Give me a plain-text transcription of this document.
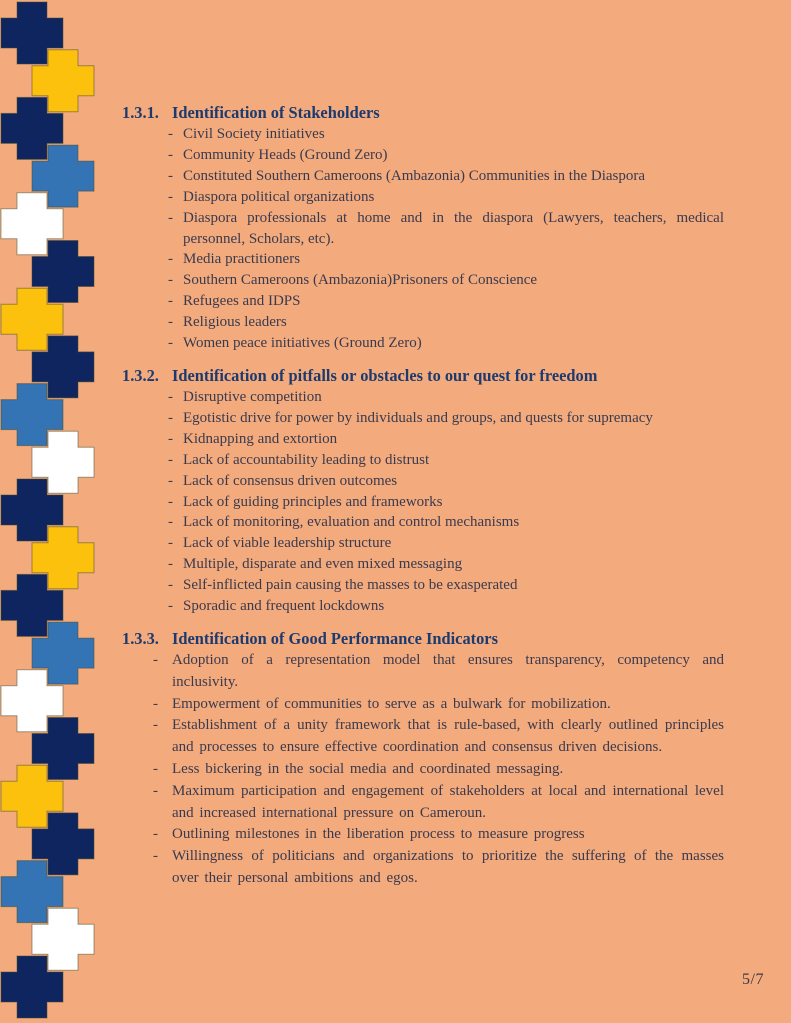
1.3.1. Identification of Stakeholders
- Civil Society initiatives
- Community Heads (Ground Zero)
- Constituted Southern Cameroons (Ambazonia) Communities in the Diaspora
- Diaspora political organizations
- Diaspora professionals at home and in the diaspora (Lawyers, teachers, medical personnel, Scholars, etc).
- Media practitioners
- Southern Cameroons (Ambazonia)Prisoners of Conscience
- Refugees and IDPS
- Religious leaders
- Women peace initiatives (Ground Zero)
1.3.2. Identification of pitfalls or obstacles to our quest for freedom
- Disruptive competition
- Egotistic drive for power by individuals and groups, and quests for supremacy
- Kidnapping and extortion
- Lack of accountability leading to distrust
- Lack of consensus driven outcomes
- Lack of guiding principles and frameworks
- Lack of monitoring, evaluation and control mechanisms
- Lack of viable leadership structure
- Multiple, disparate and even mixed messaging
- Self-inflicted pain causing the masses to be exasperated
- Sporadic and frequent lockdowns
1.3.3. Identification of Good Performance Indicators
- Adoption of a representation model that ensures transparency, competency and inclusivity.
- Empowerment of communities to serve as a bulwark for mobilization.
- Establishment of a unity framework that is rule-based, with clearly outlined principles and processes to ensure effective coordination and consensus driven decisions.
- Less bickering in the social media and coordinated messaging.
- Maximum participation and engagement of stakeholders at local and international level and increased international pressure on Cameroun.
- Outlining milestones in the liberation process to measure progress
- Willingness of politicians and organizations to prioritize the suffering of the masses over their personal ambitions and egos.
5/7
